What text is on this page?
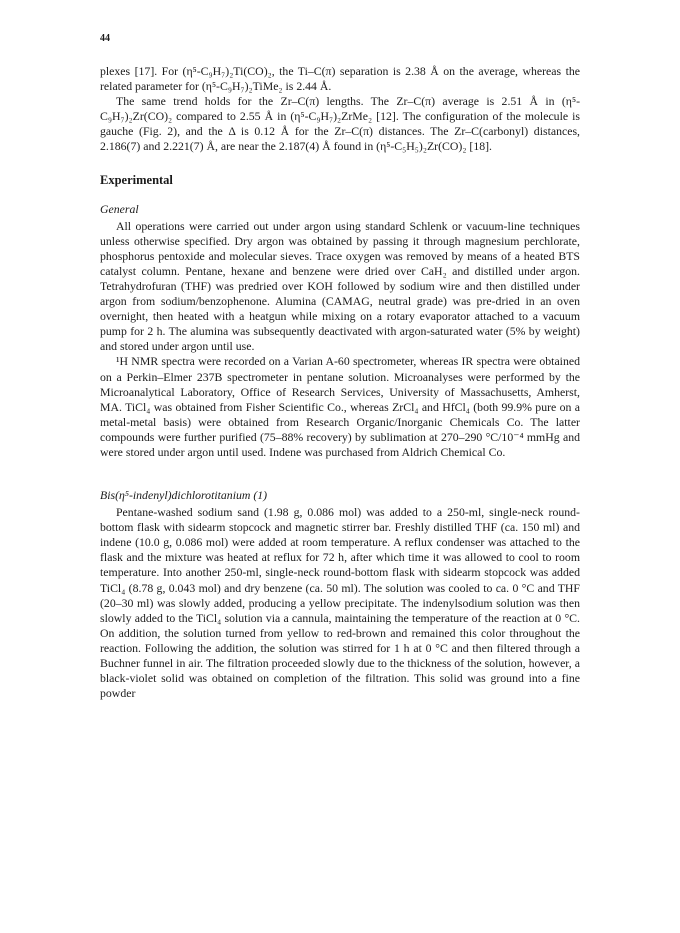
44

plexes [17]. For (η⁵-C₉H₇)₂Ti(CO)₂, the Ti–C(π) separation is 2.38 Å on the average, whereas the related parameter for (η⁵-C₉H₇)₂TiMe₂ is 2.44 Å.

The same trend holds for the Zr–C(π) lengths. The Zr–C(π) average is 2.51 Å in (η⁵-C₉H₇)₂Zr(CO)₂ compared to 2.55 Å in (η⁵-C₉H₇)₂ZrMe₂ [12]. The configuration of the molecule is gauche (Fig. 2), and the Δ is 0.12 Å for the Zr–C(π) distances. The Zr–C(carbonyl) distances, 2.186(7) and 2.221(7) Å, are near the 2.187(4) Å found in (η⁵-C₅H₅)₂Zr(CO)₂ [18].

Experimental
General

All operations were carried out under argon using standard Schlenk or vacuum-line techniques unless otherwise specified. Dry argon was obtained by passing it through magnesium perchlorate, phosphorus pentoxide and molecular sieves. Trace oxygen was removed by means of a heated BTS catalyst column. Pentane, hexane and benzene were dried over CaH₂ and distilled under argon. Tetrahydrofuran (THF) was predried over KOH followed by sodium wire and then distilled under argon from sodium/benzophenone. Alumina (CAMAG, neutral grade) was pre-dried in an oven overnight, then heated with a heatgun while mixing on a rotary evaporator attached to a vacuum pump for 2 h. The alumina was subsequently deactivated with argon-saturated water (5% by weight) and stored under argon until use.

¹H NMR spectra were recorded on a Varian A-60 spectrometer, whereas IR spectra were obtained on a Perkin–Elmer 237B spectrometer in pentane solution. Microanalyses were performed by the Microanalytical Laboratory, Office of Research Services, University of Massachusetts, Amherst, MA. TiCl₄ was obtained from Fisher Scientific Co., whereas ZrCl₄ and HfCl₄ (both 99.9% pure on a metal-metal basis) were obtained from Research Organic/Inorganic Chemicals Co. The latter compounds were further purified (75–88% recovery) by sublimation at 270–290 °C/10⁻⁴ mmHg and were stored under argon until used. Indene was purchased from Aldrich Chemical Co.

Bis(η⁵-indenyl)dichlorotitanium (1)

Pentane-washed sodium sand (1.98 g, 0.086 mol) was added to a 250-ml, single-neck round-bottom flask with sidearm stopcock and magnetic stirrer bar. Freshly distilled THF (ca. 150 ml) and indene (10.0 g, 0.086 mol) were added at room temperature. A reflux condenser was attached to the flask and the mixture was heated at reflux for 72 h, after which time it was allowed to cool to room temperature. Into another 250-ml, single-neck round-bottom flask with sidearm stopcock was added TiCl₄ (8.78 g, 0.043 mol) and dry benzene (ca. 50 ml). The solution was cooled to ca. 0 °C and THF (20–30 ml) was slowly added, producing a yellow precipitate. The indenylsodium solution was then slowly added to the TiCl₄ solution via a cannula, maintaining the temperature of the reaction at 0 °C. On addition, the solution turned from yellow to red-brown and remained this color throughout the reaction. Following the addition, the solution was stirred for 1 h at 0 °C and then filtered through a Buchner funnel in air. The filtration proceeded slowly due to the thickness of the solution, however, a black-violet solid was obtained on completion of the filtration. This solid was ground into a fine powder
